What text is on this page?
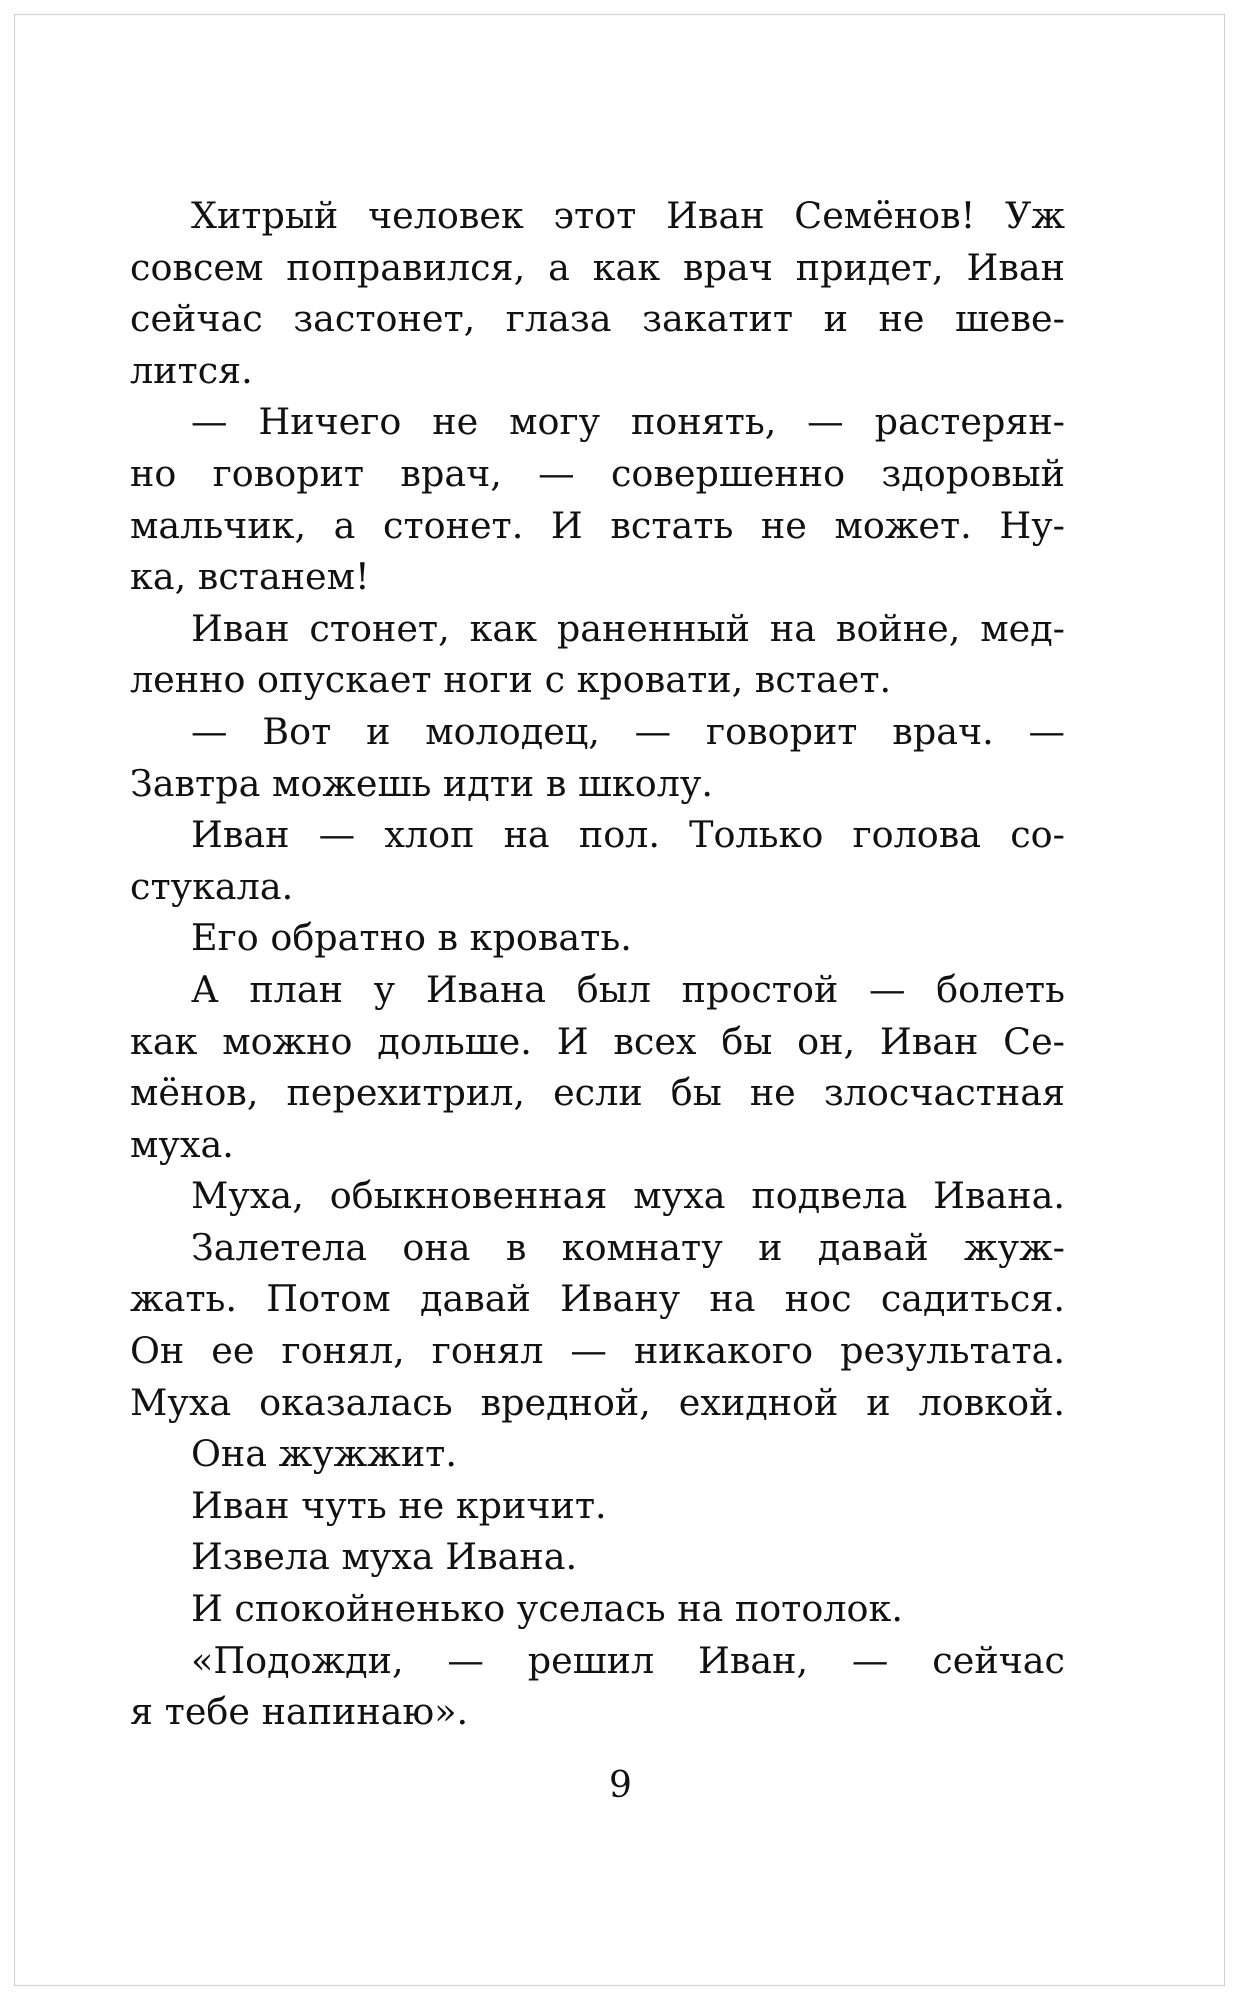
Хитрый человек этот Иван Семёнов! Уж
совсем поправился, а как врач придет, Иван
сейчас застонет, глаза закатит и не шеве-
лится.
— Ничего не могу понять, — растерян-
но говорит врач, — совершенно здоровый
мальчик, а стонет. И встать не может. Ну-
ка, встанем!
Иван стонет, как раненный на войне, мед-
ленно опускает ноги с кровати, встает.
— Вот и молодец, — говорит врач. —
Завтра можешь идти в школу.
Иван — хлоп на пол. Только голова со-
стукала.
Его обратно в кровать.
А план у Ивана был простой — болеть
как можно дольше. И всех бы он, Иван Се-
мёнов, перехитрил, если бы не злосчастная
муха.
Муха, обыкновенная муха подвела Ивана.
Залетела она в комнату и давай жуж-
жать. Потом давай Ивану на нос садиться.
Он ее гонял, гонял — никакого результата.
Муха оказалась вредной, ехидной и ловкой.
Она жужжит.
Иван чуть не кричит.
Извела муха Ивана.
И спокойненько уселась на потолок.
«Подожди, — решил Иван, — сейчас
я тебе напинаю».
9
